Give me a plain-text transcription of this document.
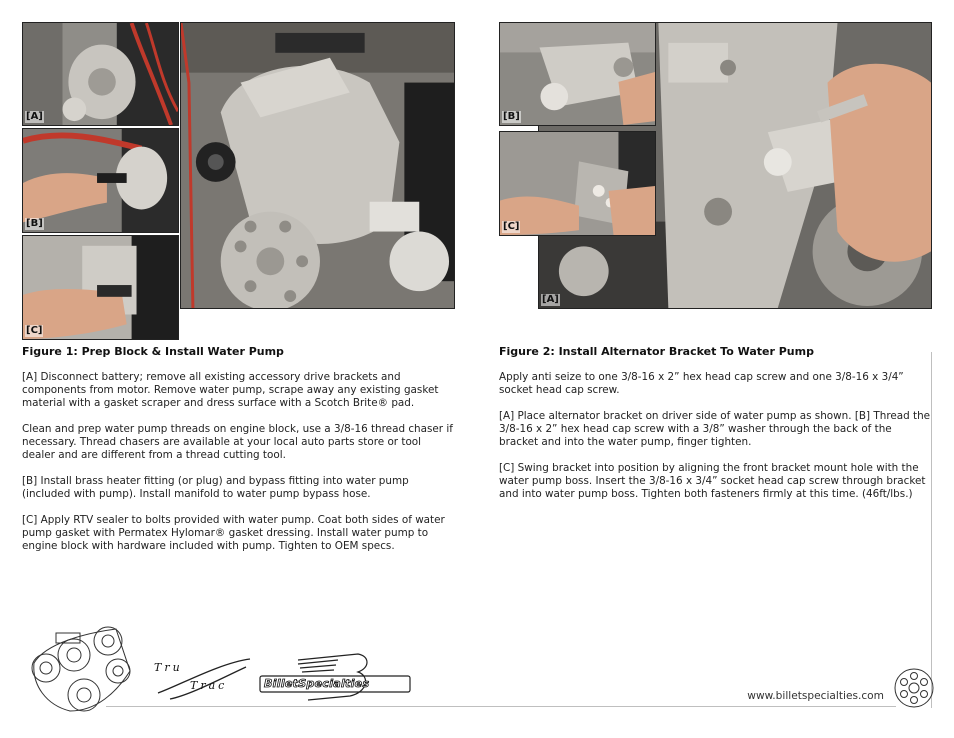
[A]
[B]
[C]
[A]
[B]
[C]
Figure 1: Prep Block & Install Water Pump

[A] Disconnect battery; remove all existing accessory drive brackets and components from motor. Remove water pump, scrape away any existing gasket material with a gasket scraper and dress surface with a Scotch Brite® pad.

Clean and prep water pump threads on engine block, use a 3/8-16 thread chaser if necessary. Thread chasers are available at your local auto parts store or tool dealer and are different from a thread cutting tool.

[B] Install brass heater fitting (or plug) and bypass fitting into water pump (included with pump). Install manifold to water pump bypass hose.

[C] Apply RTV sealer to bolts provided with water pump. Coat both sides of water pump gasket with Permatex Hylomar® gasket dressing. Install water pump to engine block with hardware included with pump. Tighten to OEM specs.

Figure 2: Install Alternator Bracket To Water Pump

Apply anti seize to one 3/8-16 x 2” hex head cap screw and one 3/8-16 x 3/4” socket head cap screw.

[A] Place alternator bracket on driver side of water pump as shown. [B] Thread the 3/8-16 x 2” hex head cap screw with a 3/8” washer through the back of the bracket and into the water pump, finger tighten.

[C] Swing bracket into position by aligning the front bracket mount hole with the water pump boss. Insert the 3/8-16 x 3/4” socket head cap screw through bracket and into water pump boss. Tighten both fasteners firmly at this time. (46ft/lbs.)

Tru
Trac	BilletSpecialties
www.billetspecialties.com
